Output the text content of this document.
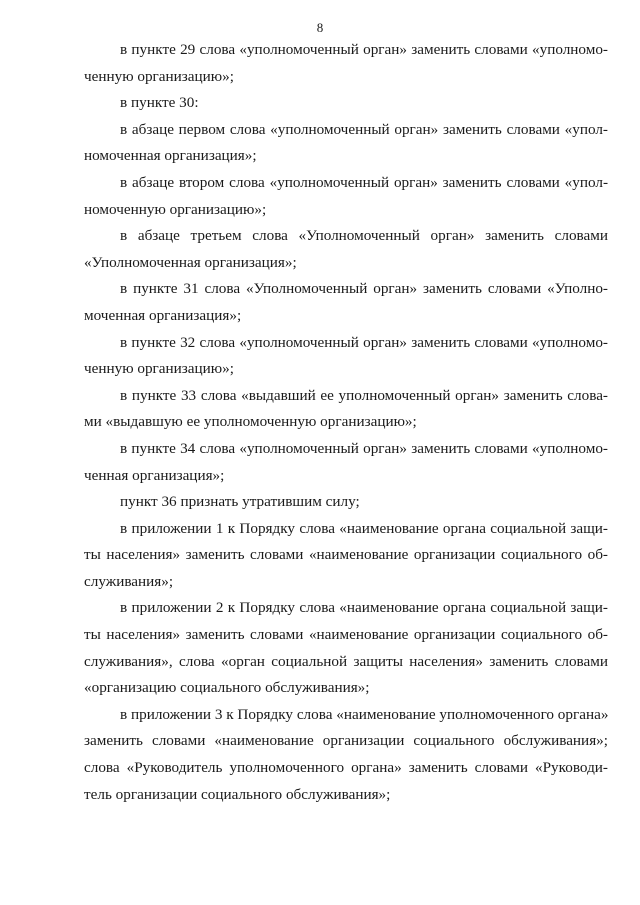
8
в пункте 29 слова «уполномоченный орган» заменить словами «уполномо-
ченную организацию»;
в пункте 30:
в абзаце первом слова «уполномоченный орган» заменить словами «упол-
номоченная организация»;
в абзаце втором слова «уполномоченный орган» заменить словами «упол-
номоченную организацию»;
в абзаце третьем слова «Уполномоченный орган» заменить словами
«Уполномоченная организация»;
в пункте 31 слова «Уполномоченный орган» заменить словами «Уполно-
моченная организация»;
в пункте 32 слова «уполномоченный орган» заменить словами «уполномо-
ченную организацию»;
в пункте 33 слова «выдавший ее уполномоченный орган» заменить слова-
ми «выдавшую ее уполномоченную организацию»;
в пункте 34 слова «уполномоченный орган» заменить словами «уполномо-
ченная организация»;
пункт 36 признать утратившим силу;
в приложении 1 к Порядку слова «наименование органа социальной защи-
ты населения» заменить словами «наименование организации социального об-
служивания»;
в приложении 2 к Порядку слова «наименование органа социальной защи-
ты населения» заменить словами «наименование организации социального об-
служивания», слова «орган социальной защиты населения» заменить словами
«организацию социального обслуживания»;
в приложении 3 к Порядку слова «наименование уполномоченного органа»
заменить словами «наименование организации социального обслуживания»;
слова «Руководитель уполномоченного органа» заменить словами «Руководи-
тель организации социального обслуживания»;
